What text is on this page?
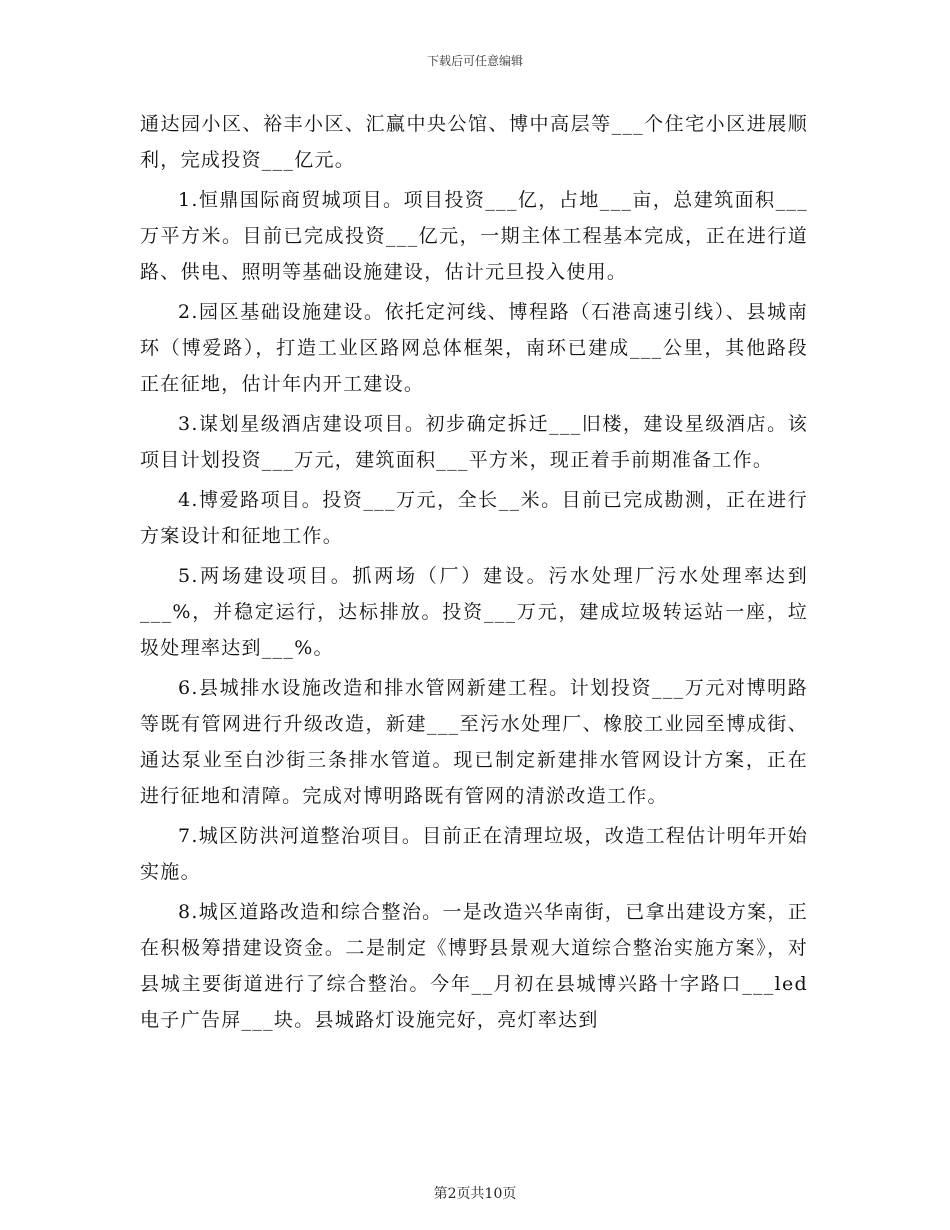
下载后可任意编辑

通达园小区、裕丰小区、汇赢中央公馆、博中高层等___个住宅小区进展顺利，完成投资___亿元。

1.恒鼎国际商贸城项目。项目投资___亿，占地___亩，总建筑面积___万平方米。目前已完成投资___亿元，一期主体工程基本完成，正在进行道路、供电、照明等基础设施建设，估计元旦投入使用。

2.园区基础设施建设。依托定河线、博程路（石港高速引线）、县城南环（博爱路），打造工业区路网总体框架，南环已建成___公里，其他路段正在征地，估计年内开工建设。

3.谋划星级酒店建设项目。初步确定拆迁___旧楼，建设星级酒店。该项目计划投资___万元，建筑面积___平方米，现正着手前期准备工作。

4.博爱路项目。投资___万元，全长__米。目前已完成勘测，正在进行方案设计和征地工作。

5.两场建设项目。抓两场（厂）建设。污水处理厂污水处理率达到___%，并稳定运行，达标排放。投资___万元，建成垃圾转运站一座，垃圾处理率达到___%。

6.县城排水设施改造和排水管网新建工程。计划投资___万元对博明路等既有管网进行升级改造，新建___至污水处理厂、橡胶工业园至博成街、通达泵业至白沙街三条排水管道。现已制定新建排水管网设计方案，正在进行征地和清障。完成对博明路既有管网的清淤改造工作。

7.城区防洪河道整治项目。目前正在清理垃圾，改造工程估计明年开始实施。

8.城区道路改造和综合整治。一是改造兴华南街，已拿出建设方案，正在积极筹措建设资金。二是制定《博野县景观大道综合整治实施方案》，对县城主要街道进行了综合整治。今年__月初在县城博兴路十字路口___led电子广告屏___块。县城路灯设施完好，亮灯率达到

第2页共10页
